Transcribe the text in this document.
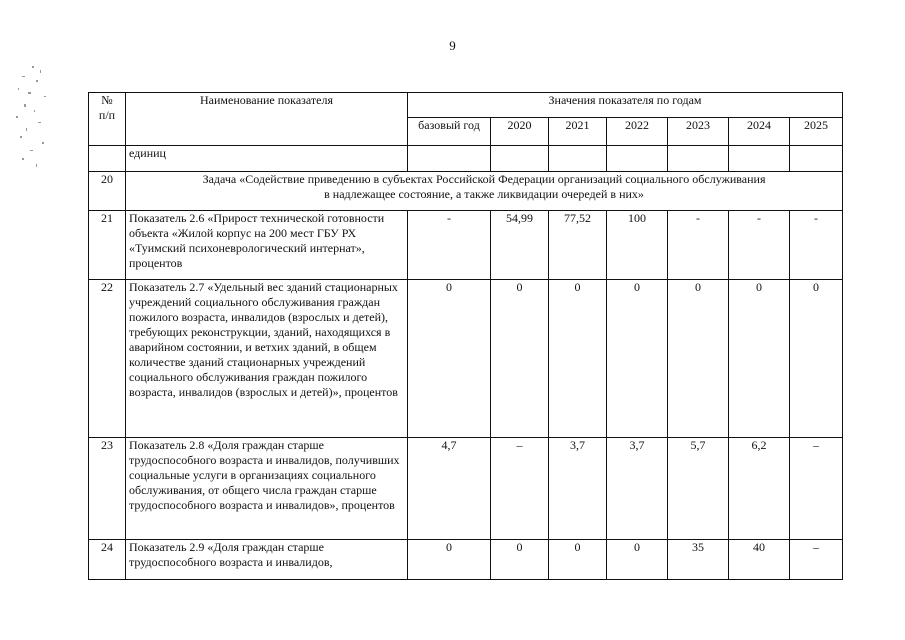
9
№
п/п	Наименование показателя	Значения показателя по годам						
		базовый год	2020	2021	2022	2023	2024	2025
	единиц							
20	Задача «Содействие приведению в субъектах Российской Федерации организаций социального обслуживания
в надлежащее состояние, а также ликвидации очередей в них»							

21	Показатель 2.6 «Прирост технической готовности объекта «Жилой корпус на 200 мест ГБУ РХ «Туимский психоневрологический интернат», процентов	-	54,99	77,52	100	-	-	-
22	Показатель 2.7 «Удельный вес зданий стационарных учреждений социального обслуживания граждан пожилого возраста, инвалидов (взрослых и детей), требующих реконструкции, зданий, находящихся в аварийном состоянии, и ветхих зданий, в общем количестве зданий стационарных учреждений социального обслуживания граждан пожилого возраста, инвалидов (взрослых и детей)», процентов	0	0	0	0	0	0	0
23	Показатель 2.8 «Доля граждан старше трудоспособного возраста и инвалидов, получивших социальные услуги в организациях социального обслуживания, от общего числа граждан старше трудоспособного возраста и инвалидов», процентов	4,7	–	3,7	3,7	5,7	6,2	–
24	Показатель 2.9 «Доля граждан старше трудоспособного возраста и инвалидов,	0	0	0	0	35	40	–
